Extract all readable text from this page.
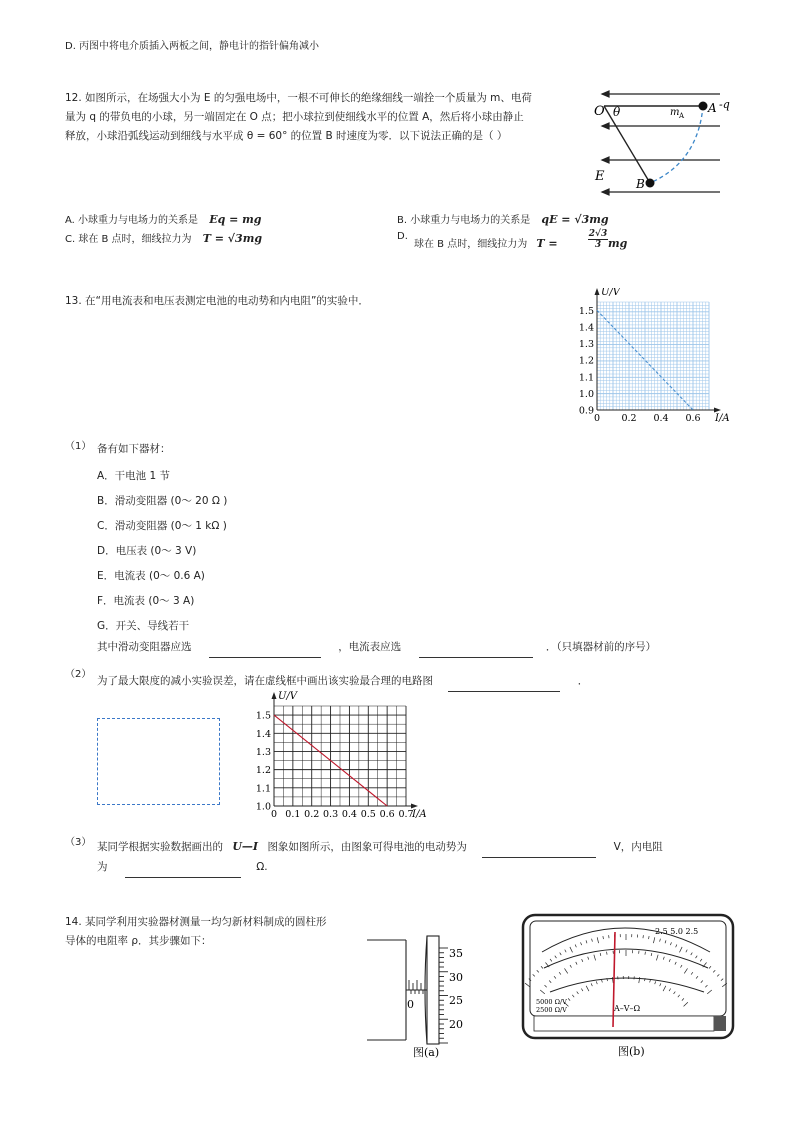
D. 丙图中将电介质插入两板之间，静电计的指针偏角减小
12. 如图所示，在场强大小为 E 的匀强电场中，一根不可伸长的绝缘细线一端拴一个质量为 m、电荷
量为 q 的带负电的小球，另一端固定在 O 点；把小球拉到使细线水平的位置 A，然后将小球由静止
释放，小球沿弧线运动到细线与水平成 θ = 60° 的位置 B 时速度为零．以下说法正确的是（ ）
O θ	m A
A -q
E	B
A. 小球重力与电场力的关系是 Eq = mg	B. 小球重力与电场力的关系是 qE = √3mg
C. 球在 B 点时，细线拉力为 T = √3mg	D.
球在 B 点时，细线拉力为 T =	$\frac{2√3}{3}$ mg
13. 在“用电流表和电压表测定电池的电动势和内电阻”的实验中．
1.5
1.4
1.3
1.2
1.1
1.0
0.9
0 0.2 0.4 0.6
U/V
I/A
（1） 备有如下器材：
A．干电池 1 节
B．滑动变阻器 (0～ 20 Ω )
C．滑动变阻器 (0～ 1 kΩ )
D．电压表 (0～ 3 V)
E．电流表 (0～ 0.6 A)
F．电流表 (0～ 3 A)
G．开关、导线若干
其中滑动变阻器应选	，电流表应选	．（只填器材前的序号）
（2）
为了最大限度的减小实验误差，请在虚线框中画出该实验最合理的电路图	．
1.5
1.4
1.3
1.2
1.1
1.0
0 0.1 0.2 0.3 0.4 0.5 0.6 0.7
U/V
I/A
（3） 某同学根据实验数据画出的 U—I 图象如图所示，由图象可得电池的电动势为	V，内电阻
为	Ω.
14. 某同学利用实验器材测量一均匀新材料制成的圆柱形
导体的电阻率 ρ．其步骤如下：
0
35
30
25
20
图(a)
2.5 5.0 2.5
A–V–Ω
5000 Ω/V
2500 Ω/V
图(b)
